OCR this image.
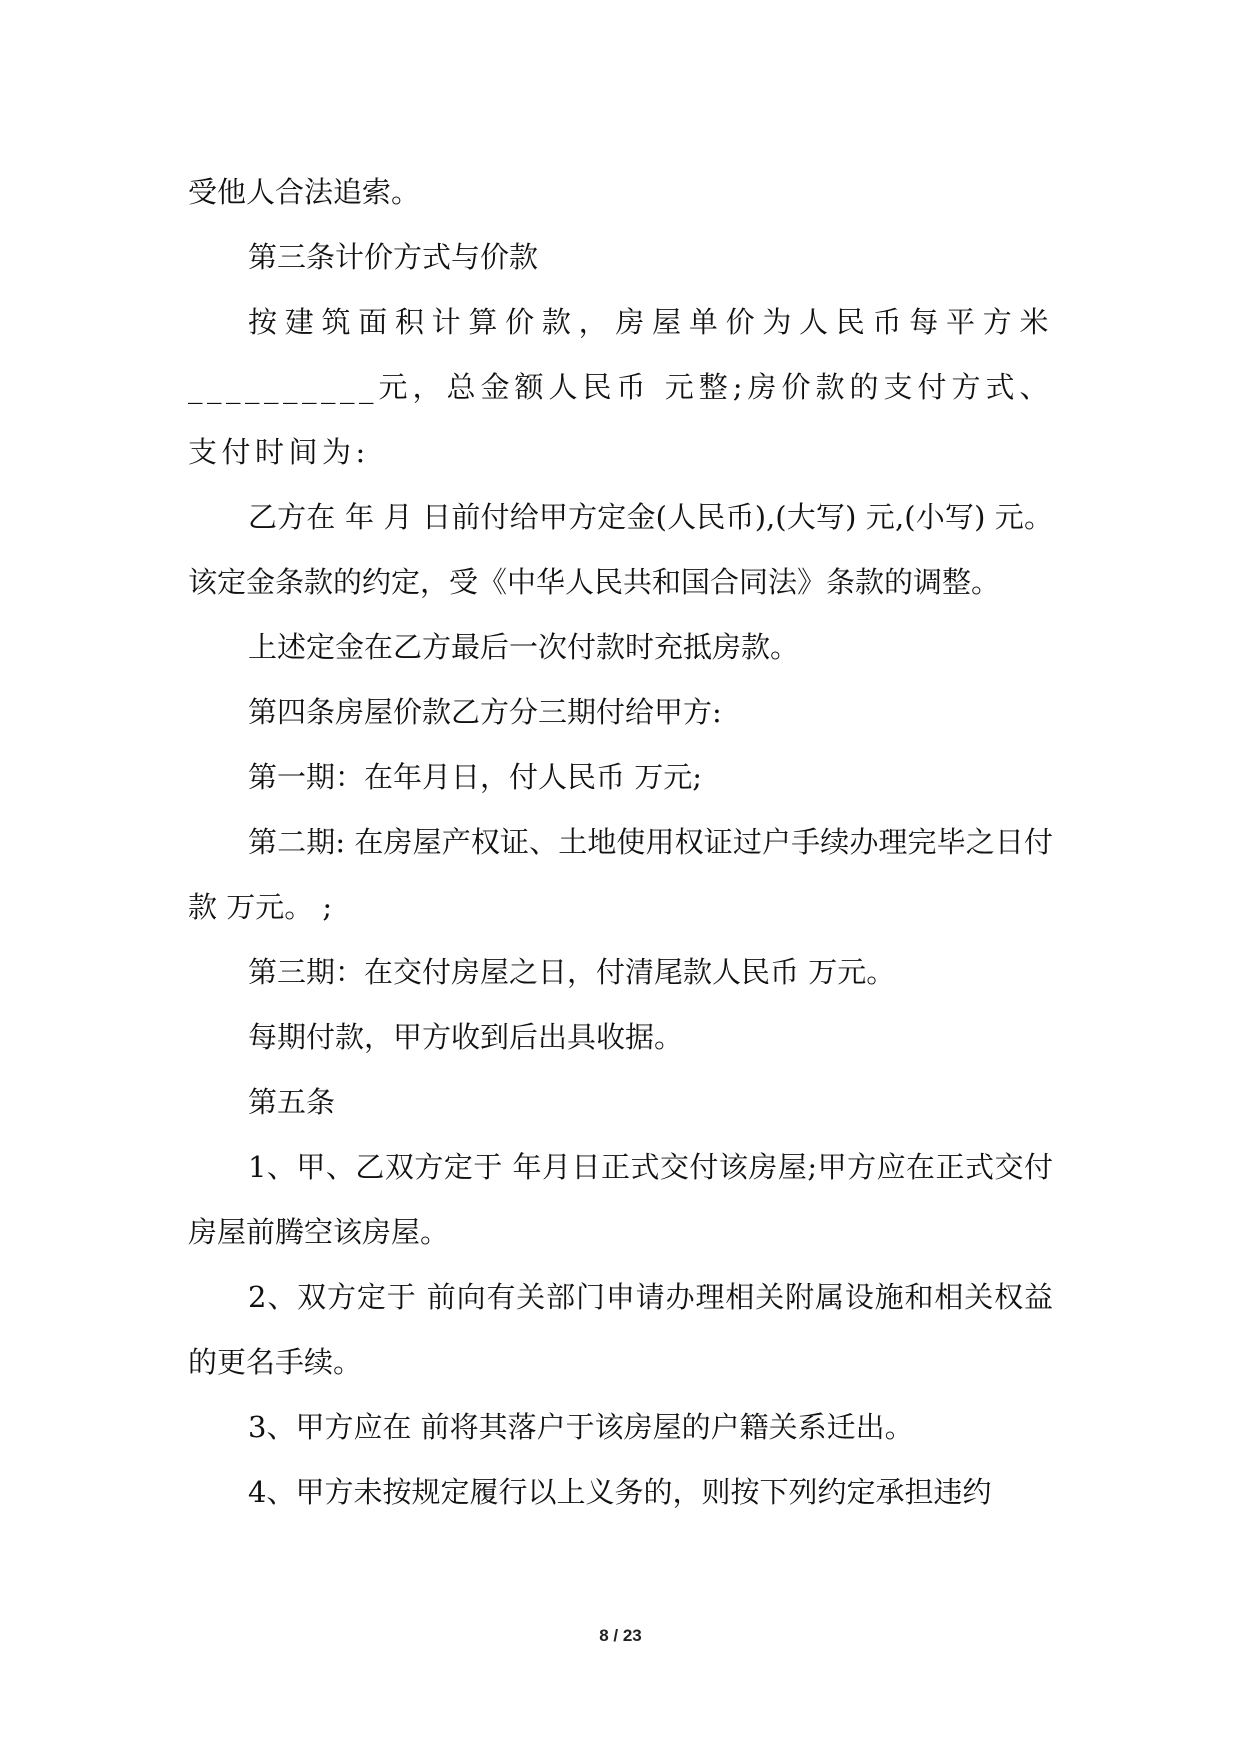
受他人合法追索。

第三条计价方式与价款

按建筑面积计算价款，房屋单价为人民币每平方米__________元，总金额人民币 元整;房价款的支付方式、支付时间为:

乙方在 年 月 日前付给甲方定金(人民币),(大写) 元,(小写) 元。该定金条款的约定，受《中华人民共和国合同法》条款的调整。

上述定金在乙方最后一次付款时充抵房款。

第四条房屋价款乙方分三期付给甲方:

第一期：在年月日，付人民币 万元;

第二期: 在房屋产权证、土地使用权证过户手续办理完毕之日付款 万元。 ;

第三期：在交付房屋之日，付清尾款人民币 万元。

每期付款，甲方收到后出具收据。

第五条

1、甲、乙双方定于 年月日正式交付该房屋;甲方应在正式交付房屋前腾空该房屋。

2、双方定于 前向有关部门申请办理相关附属设施和相关权益的更名手续。

3、甲方应在 前将其落户于该房屋的户籍关系迁出。

4、甲方未按规定履行以上义务的，则按下列约定承担违约

8 / 23
